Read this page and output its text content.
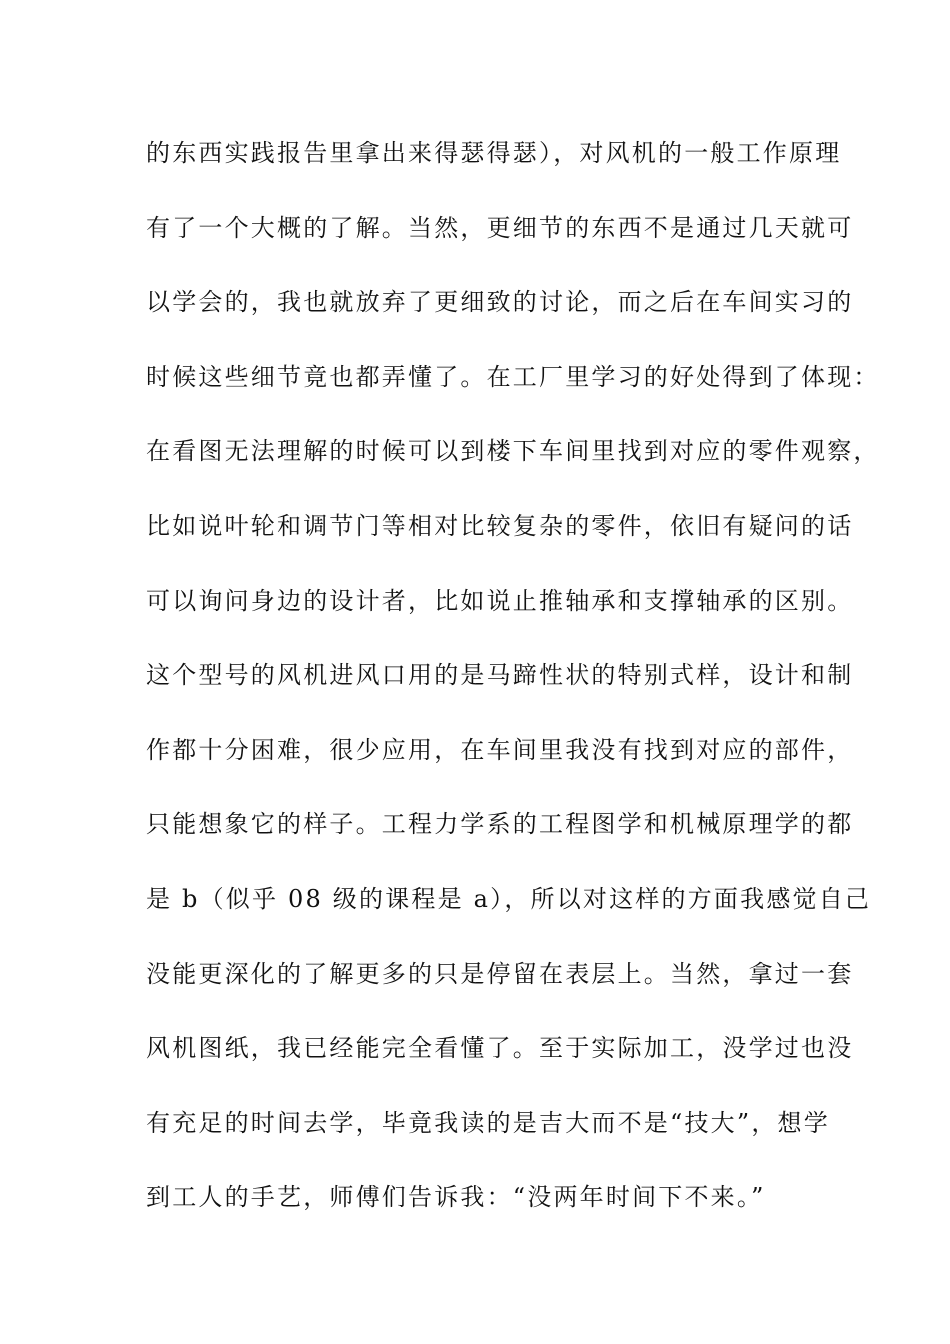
的东西实践报告里拿出来得瑟得瑟），对风机的一般工作原理
有了一个大概的了解。当然，更细节的东西不是通过几天就可
以学会的，我也就放弃了更细致的讨论，而之后在车间实习的
时候这些细节竟也都弄懂了。在工厂里学习的好处得到了体现：
在看图无法理解的时候可以到楼下车间里找到对应的零件观察，
比如说叶轮和调节门等相对比较复杂的零件，依旧有疑问的话
可以询问身边的设计者，比如说止推轴承和支撑轴承的区别。
这个型号的风机进风口用的是马蹄性状的特别式样，设计和制
作都十分困难，很少应用，在车间里我没有找到对应的部件，
只能想象它的样子。工程力学系的工程图学和机械原理学的都
是 b（似乎 08 级的课程是 a），所以对这样的方面我感觉自己
没能更深化的了解更多的只是停留在表层上。当然，拿过一套
风机图纸，我已经能完全看懂了。至于实际加工，没学过也没
有充足的时间去学，毕竟我读的是吉大而不是“技大”，想学
到工人的手艺，师傅们告诉我：“没两年时间下不来。”
